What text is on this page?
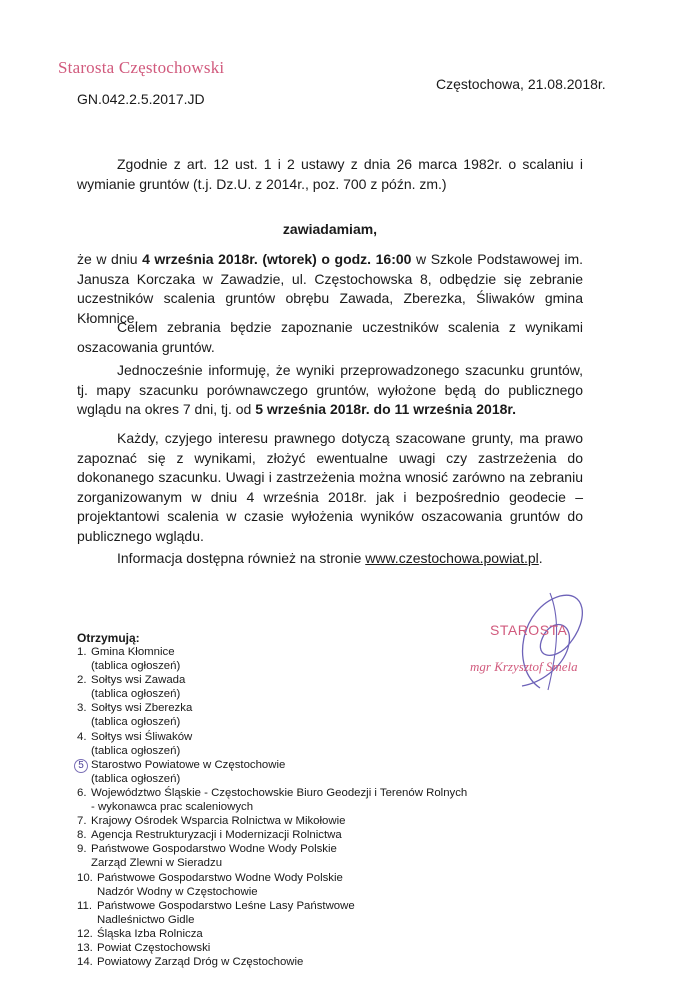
Starosta Częstochowski
Częstochowa, 21.08.2018r.
GN.042.2.5.2017.JD
Zgodnie z art. 12 ust. 1 i 2 ustawy z dnia 26 marca 1982r. o scalaniu i wymianie gruntów (t.j. Dz.U. z 2014r., poz. 700 z późn. zm.)
zawiadamiam,
że w dniu 4 września 2018r. (wtorek) o godz. 16:00 w Szkole Podstawowej im. Janusza Korczaka w Zawadzie, ul. Częstochowska 8, odbędzie się zebranie uczestników scalenia gruntów obrębu Zawada, Zberezka, Śliwaków gmina Kłomnice.
Celem zebrania będzie zapoznanie uczestników scalenia z wynikami oszacowania gruntów.
Jednocześnie informuję, że wyniki przeprowadzonego szacunku gruntów, tj. mapy szacunku porównawczego gruntów, wyłożone będą do publicznego wglądu na okres 7 dni, tj. od 5 września 2018r. do 11 września 2018r.
Każdy, czyjego interesu prawnego dotyczą szacowane grunty, ma prawo zapoznać się z wynikami, złożyć ewentualne uwagi czy zastrzeżenia do dokonanego szacunku. Uwagi i zastrzeżenia można wnosić zarówno na zebraniu zorganizowanym w dniu 4 września 2018r. jak i bezpośrednio geodecie – projektantowi scalenia w czasie wyłożenia wyników oszacowania gruntów do publicznego wglądu.
Informacja dostępna również na stronie www.czestochowa.powiat.pl.
STAROSTA
mgr Krzysztof Smela
Otrzymują:
1. Gmina Kłomnice
(tablica ogłoszeń)
2. Sołtys wsi Zawada
(tablica ogłoszeń)
3. Sołtys wsi Zberezka
(tablica ogłoszeń)
4. Sołtys wsi Śliwaków
(tablica ogłoszeń)
5 Starostwo Powiatowe w Częstochowie
(tablica ogłoszeń)
6. Województwo Śląskie - Częstochowskie Biuro Geodezji i Terenów Rolnych
- wykonawca prac scaleniowych
7. Krajowy Ośrodek Wsparcia Rolnictwa w Mikołowie
8. Agencja Restrukturyzacji i Modernizacji Rolnictwa
9. Państwowe Gospodarstwo Wodne Wody Polskie
Zarząd Zlewni w Sieradzu
10. Państwowe Gospodarstwo Wodne Wody Polskie
Nadzór Wodny w Częstochowie
11. Państwowe Gospodarstwo Leśne Lasy Państwowe
Nadleśnictwo Gidle
12. Śląska Izba Rolnicza
13. Powiat Częstochowski
14. Powiatowy Zarząd Dróg w Częstochowie
